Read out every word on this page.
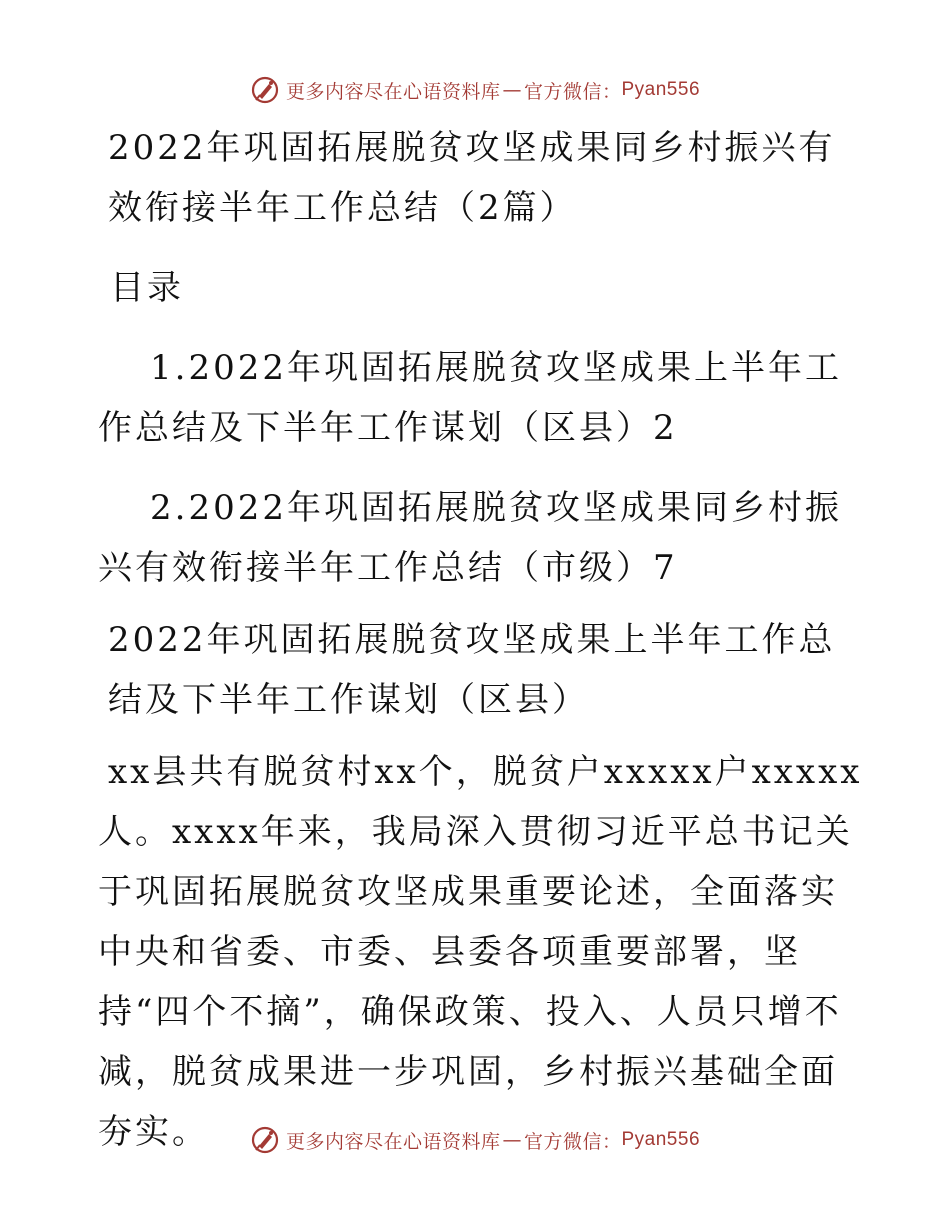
更多内容尽在心语资料库 — 官方微信： Pyan556

2022年巩固拓展脱贫攻坚成果同乡村振兴有效衔接半年工作总结（2篇）

目录

1.2022年巩固拓展脱贫攻坚成果上半年工作总结及下半年工作谋划（区县）2

2.2022年巩固拓展脱贫攻坚成果同乡村振兴有效衔接半年工作总结（市级）7

2022年巩固拓展脱贫攻坚成果上半年工作总结及下半年工作谋划（区县）

xx县共有脱贫村xx个，脱贫户xxxxx户xxxxx人。xxxx年来，我局深入贯彻习近平总书记关于巩固拓展脱贫攻坚成果重要论述，全面落实中央和省委、市委、县委各项重要部署，坚持“四个不摘”，确保政策、投入、人员只增不减，脱贫成果进一步巩固，乡村振兴基础全面夯实。	更多内容尽在心语资料库 — 官方微信： Pyan556
